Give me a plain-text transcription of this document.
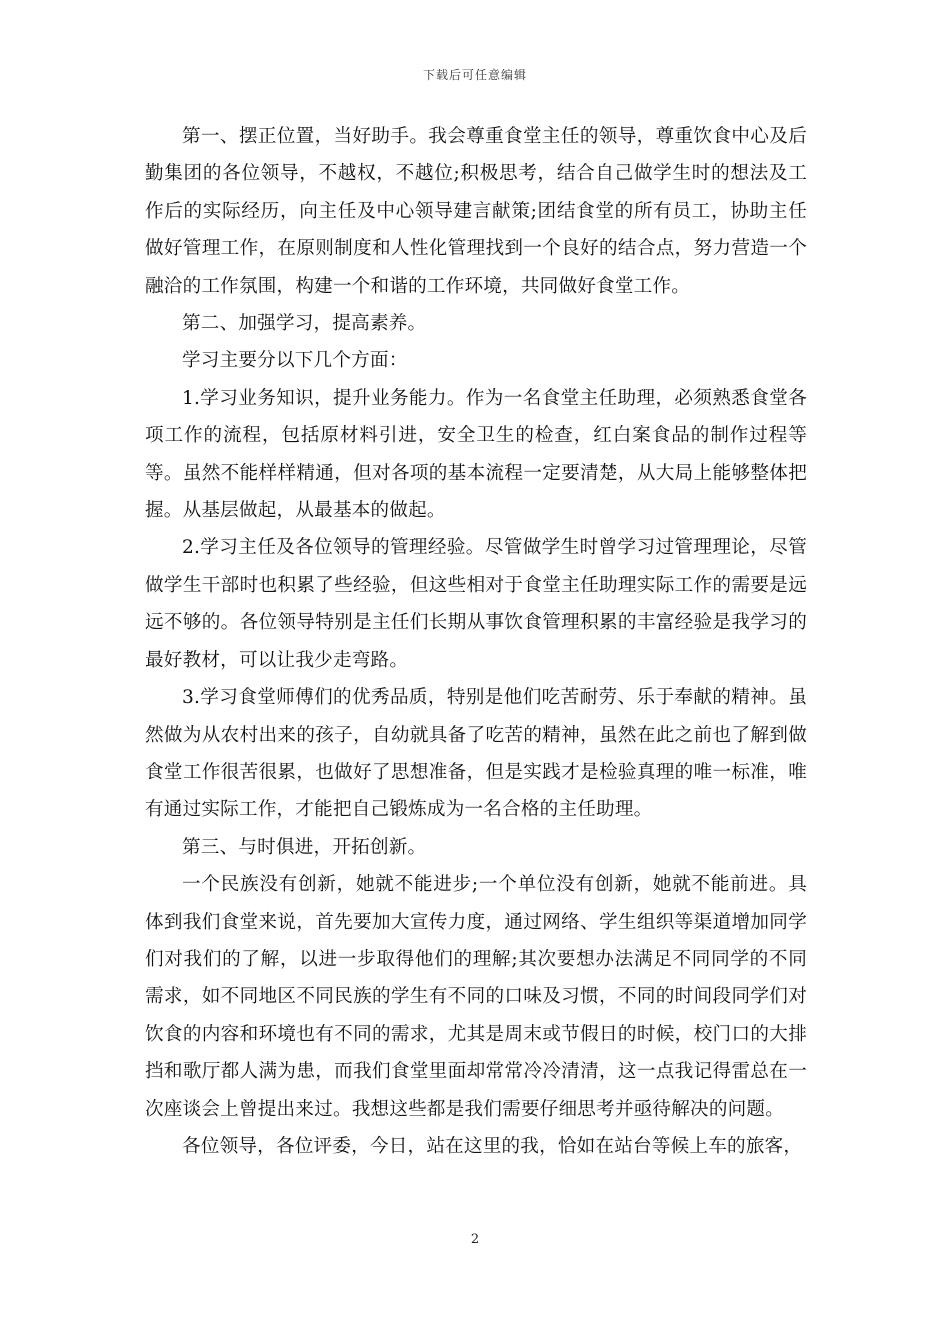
下载后可任意编辑

第一、摆正位置，当好助手。我会尊重食堂主任的领导，尊重饮食中心及后勤集团的各位领导，不越权，不越位;积极思考，结合自己做学生时的想法及工作后的实际经历，向主任及中心领导建言献策;团结食堂的所有员工，协助主任做好管理工作，在原则制度和人性化管理找到一个良好的结合点，努力营造一个融洽的工作氛围，构建一个和谐的工作环境，共同做好食堂工作。

第二、加强学习，提高素养。

学习主要分以下几个方面：

1.学习业务知识，提升业务能力。作为一名食堂主任助理，必须熟悉食堂各项工作的流程，包括原材料引进，安全卫生的检查，红白案食品的制作过程等等。虽然不能样样精通，但对各项的基本流程一定要清楚，从大局上能够整体把握。从基层做起，从最基本的做起。

2.学习主任及各位领导的管理经验。尽管做学生时曾学习过管理理论，尽管做学生干部时也积累了些经验，但这些相对于食堂主任助理实际工作的需要是远远不够的。各位领导特别是主任们长期从事饮食管理积累的丰富经验是我学习的最好教材，可以让我少走弯路。

3.学习食堂师傅们的优秀品质，特别是他们吃苦耐劳、乐于奉献的精神。虽然做为从农村出来的孩子，自幼就具备了吃苦的精神，虽然在此之前也了解到做食堂工作很苦很累，也做好了思想准备，但是实践才是检验真理的唯一标准，唯有通过实际工作，才能把自己锻炼成为一名合格的主任助理。

第三、与时俱进，开拓创新。

一个民族没有创新，她就不能进步;一个单位没有创新，她就不能前进。具体到我们食堂来说，首先要加大宣传力度，通过网络、学生组织等渠道增加同学们对我们的了解，以进一步取得他们的理解;其次要想办法满足不同同学的不同需求，如不同地区不同民族的学生有不同的口味及习惯，不同的时间段同学们对饮食的内容和环境也有不同的需求，尤其是周末或节假日的时候，校门口的大排挡和歌厅都人满为患，而我们食堂里面却常常冷冷清清，这一点我记得雷总在一次座谈会上曾提出来过。我想这些都是我们需要仔细思考并亟待解决的问题。

各位领导，各位评委，今日，站在这里的我，恰如在站台等候上车的旅客，

2
